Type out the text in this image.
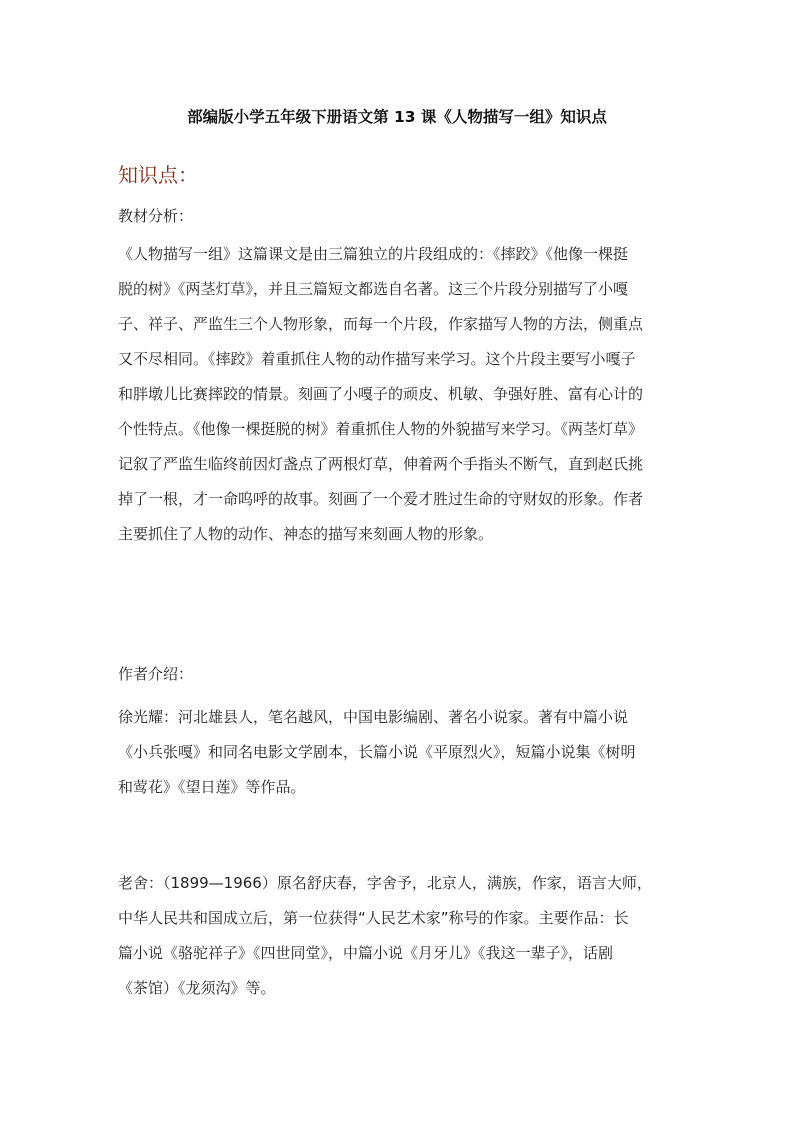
部编版小学五年级下册语文第 13 课《人物描写一组》知识点
知识点：
教材分析：

《人物描写一组》这篇课文是由三篇独立的片段组成的：《摔跤》《他像一棵挺

脱的树》《两茎灯草》，并且三篇短文都选自名著。这三个片段分别描写了小嘎

子、祥子、严监生三个人物形象，而每一个片段，作家描写人物的方法，侧重点

又不尽相同。《摔跤》着重抓住人物的动作描写来学习。这个片段主要写小嘎子

和胖墩儿比赛摔跤的情景。刻画了小嘎子的顽皮、机敏、争强好胜、富有心计的

个性特点。《他像一棵挺脱的树》着重抓住人物的外貌描写来学习。《两茎灯草》

记叙了严监生临终前因灯盏点了两根灯草，伸着两个手指头不断气，直到赵氏挑

掉了一根，才一命呜呼的故事。刻画了一个爱才胜过生命的守财奴的形象。作者

主要抓住了人物的动作、神态的描写来刻画人物的形象。

作者介绍：

徐光耀：河北雄县人，笔名越风，中国电影编剧、著名小说家。著有中篇小说

《小兵张嘎》和同名电影文学剧本，长篇小说《平原烈火》，短篇小说集《树明

和莺花》《望日莲》等作品。

老舍：（1899—1966）原名舒庆春，字舍予，北京人，满族，作家，语言大师，

中华人民共和国成立后，第一位获得“人民艺术家”称号的作家。主要作品：长

篇小说《骆驼祥子》《四世同堂》，中篇小说《月牙儿》《我这一辈子》，话剧

《茶馆）《龙须沟》等。
